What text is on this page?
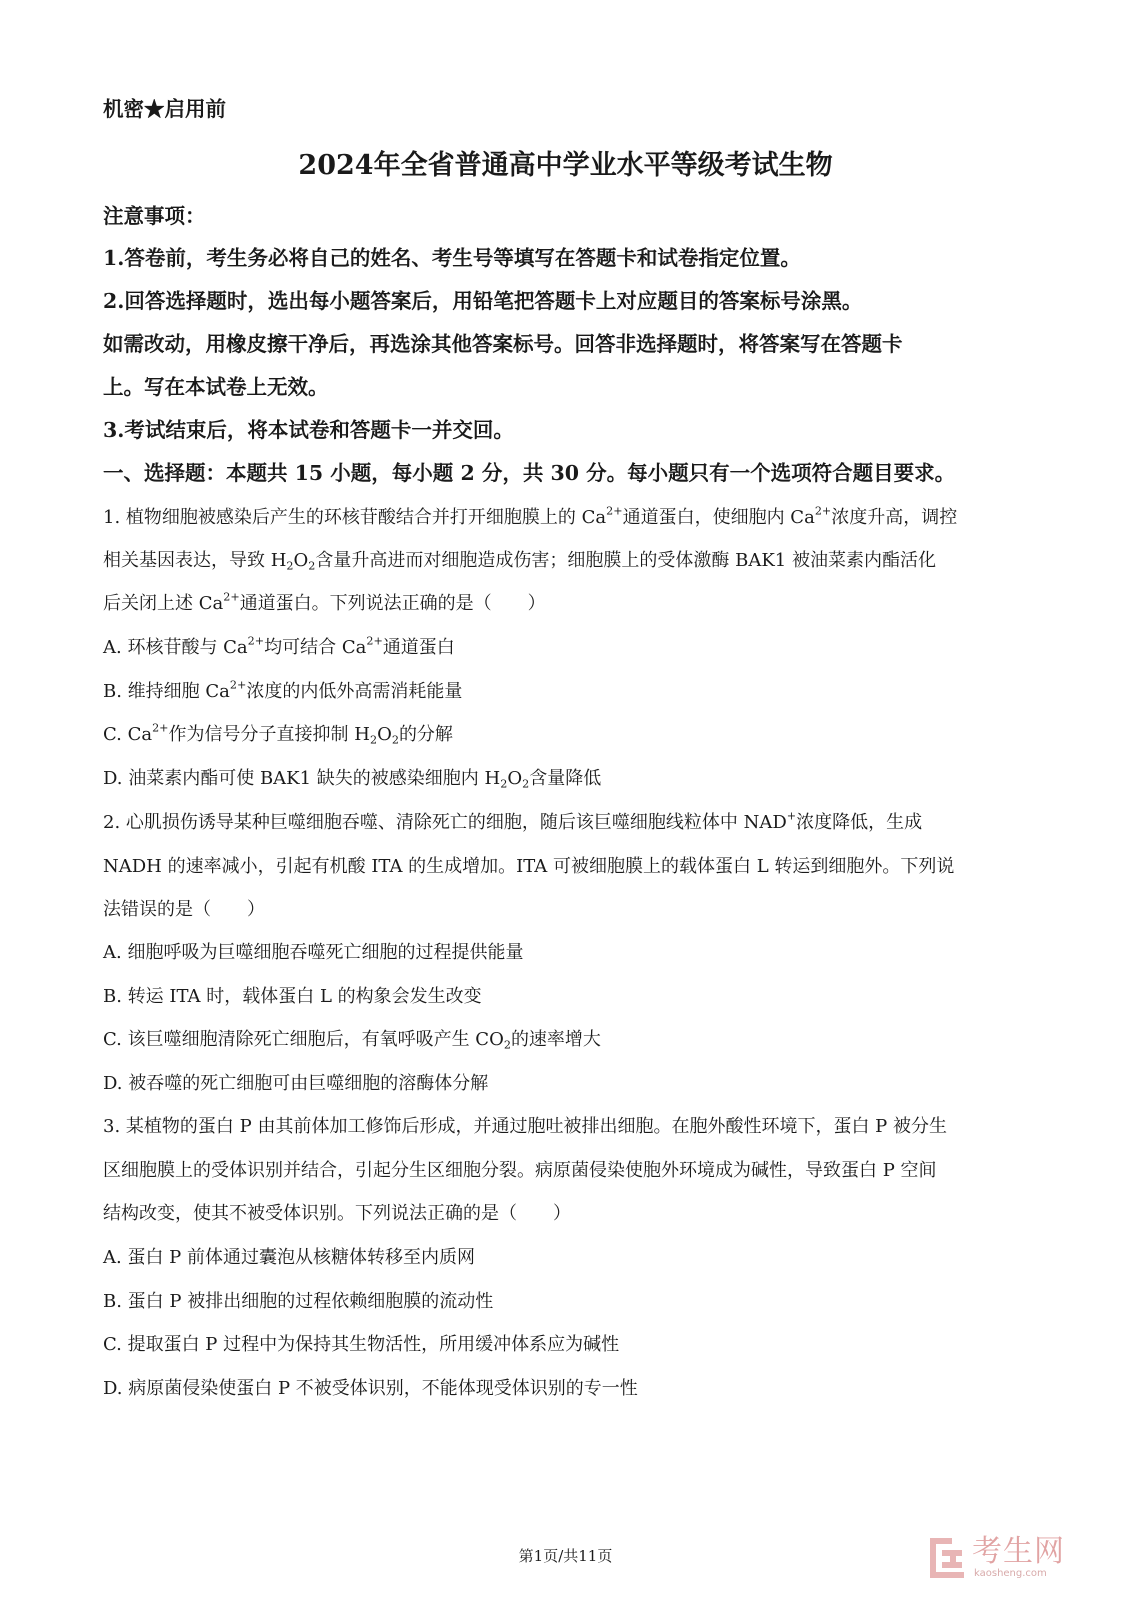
机密★启用前
2024年全省普通高中学业水平等级考试生物
注意事项：
1.答卷前，考生务必将自己的姓名、考生号等填写在答题卡和试卷指定位置。
2.回答选择题时，选出每小题答案后，用铅笔把答题卡上对应题目的答案标号涂黑。
如需改动，用橡皮擦干净后，再选涂其他答案标号。回答非选择题时，将答案写在答题卡
上。写在本试卷上无效。
3.考试结束后，将本试卷和答题卡一并交回。
一、选择题：本题共 15 小题，每小题 2 分，共 30 分。每小题只有一个选项符合题目要求。
1. 植物细胞被感染后产生的环核苷酸结合并打开细胞膜上的 $Ca^{2+}$通道蛋白，使细胞内 $Ca^{2+}$浓度升高，调控
相关基因表达，导致 $H_2O_2$含量升高进而对细胞造成伤害；细胞膜上的受体激酶 BAK1 被油菜素内酯活化
后关闭上述 $Ca^{2+}$通道蛋白。下列说法正确的是（　　）
A. 环核苷酸与 $Ca^{2+}$均可结合 $Ca^{2+}$通道蛋白
B. 维持细胞 $Ca^{2+}$浓度的内低外高需消耗能量
C. $Ca^{2+}$作为信号分子直接抑制 $H_2O_2$的分解
D. 油菜素内酯可使 BAK1 缺失的被感染细胞内 $H_2O_2$含量降低
2. 心肌损伤诱导某种巨噬细胞吞噬、清除死亡的细胞，随后该巨噬细胞线粒体中 NAD+浓度降低，生成
NADH 的速率减小，引起有机酸 ITA 的生成增加。ITA 可被细胞膜上的载体蛋白 L 转运到细胞外。下列说
法错误的是（　　）
A. 细胞呼吸为巨噬细胞吞噬死亡细胞的过程提供能量
B. 转运 ITA 时，载体蛋白 L 的构象会发生改变
C. 该巨噬细胞清除死亡细胞后，有氧呼吸产生 $CO_2$的速率增大
D. 被吞噬的死亡细胞可由巨噬细胞的溶酶体分解
3. 某植物的蛋白 P 由其前体加工修饰后形成，并通过胞吐被排出细胞。在胞外酸性环境下，蛋白 P 被分生
区细胞膜上的受体识别并结合，引起分生区细胞分裂。病原菌侵染使胞外环境成为碱性，导致蛋白 P 空间
结构改变，使其不被受体识别。下列说法正确的是（　　）
A. 蛋白 P 前体通过囊泡从核糖体转移至内质网
B. 蛋白 P 被排出细胞的过程依赖细胞膜的流动性
C. 提取蛋白 P 过程中为保持其生物活性，所用缓冲体系应为碱性
D. 病原菌侵染使蛋白 P 不被受体识别，不能体现受体识别的专一性
第1页/共11页	考生网
kaosheng.com
